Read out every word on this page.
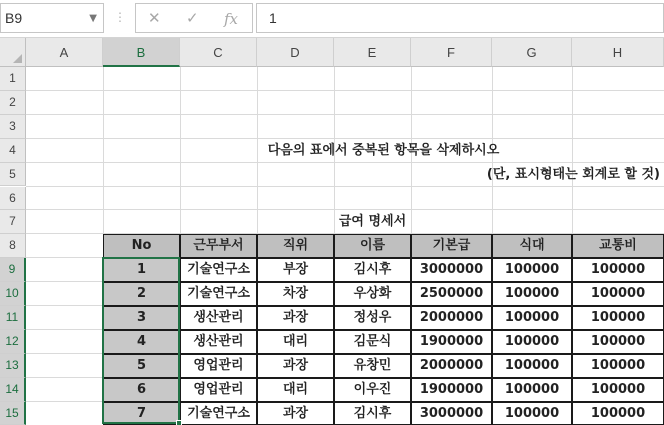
B9	▼ ⋮ ✕ ✓ fx 1
A	B	C	D	E	F	G	H
1
2
3
4
5
6
7
8
9
10
11
12
13
14
15
다음의 표에서 중복된 항목을 삭제하시오
(단, 표시형태는 회계로 할 것)
급여 명세서
No	근무부서	직위	이름	기본급	식대	교통비
1	기술연구소	부장	김시후	3000000	100000	100000
2	기술연구소	차장	우상화	2500000	100000	100000
3	생산관리	과장	정성우	2000000	100000	100000
4	생산관리	대리	김문식	1900000	100000	100000
5	영업관리	과장	유창민	2000000	100000	100000
6	영업관리	대리	이우진	1900000	100000	100000
7	기술연구소	과장	김시후	3000000	100000	100000
